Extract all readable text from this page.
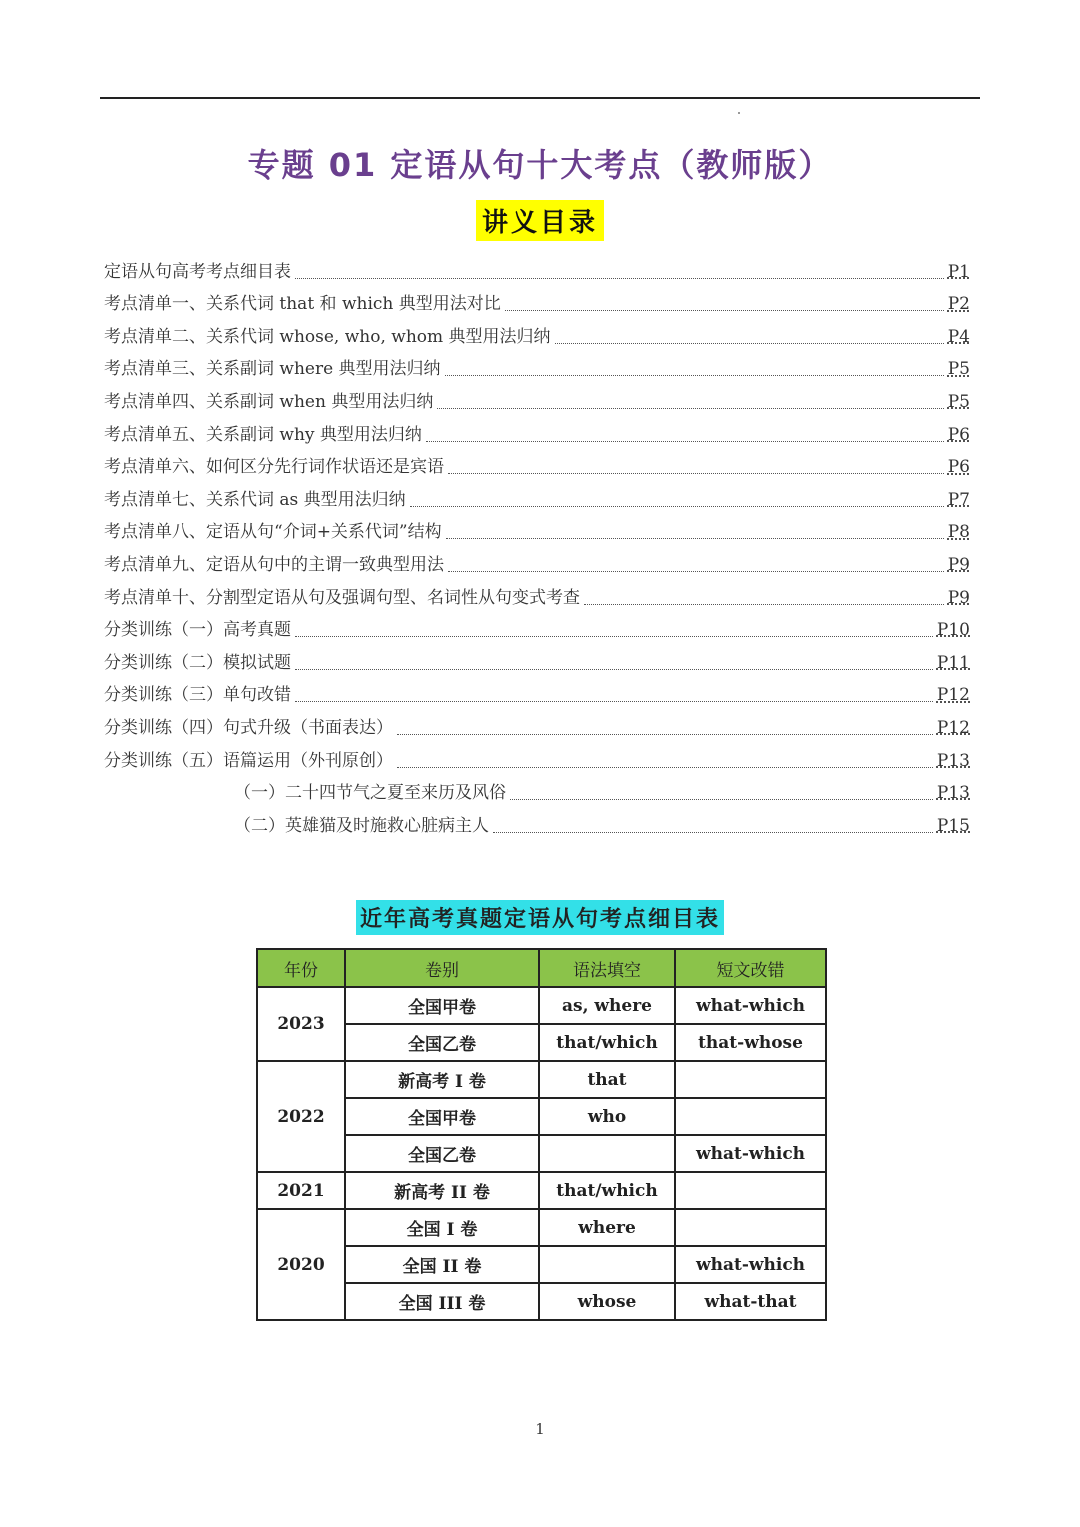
专题 01 定语从句十大考点（教师版）
讲义目录
定语从句高考考点细目表	P1
考点清单一、关系代词 that 和 which 典型用法对比	P2
考点清单二、关系代词 whose, who, whom 典型用法归纳	P4
考点清单三、关系副词 where 典型用法归纳	P5
考点清单四、关系副词 when 典型用法归纳	P5
考点清单五、关系副词 why 典型用法归纳	P6
考点清单六、如何区分先行词作状语还是宾语	P6
考点清单七、关系代词 as 典型用法归纳	P7
考点清单八、定语从句“介词+关系代词”结构	P8
考点清单九、定语从句中的主谓一致典型用法	P9
考点清单十、分割型定语从句及强调句型、名词性从句变式考查	P9
分类训练（一）高考真题	P10
分类训练（二）模拟试题	P11
分类训练（三）单句改错	P12
分类训练（四）句式升级（书面表达）	P12
分类训练（五）语篇运用（外刊原创）	P13
（一）二十四节气之夏至来历及风俗	P13
（二）英雄猫及时施救心脏病主人	P15
近年高考真题定语从句考点细目表
年份	卷别	语法填空	短文改错
2023	全国甲卷	as, where	what-which
	全国乙卷	that/which	that-whose
2022	新高考 I 卷	that	
	全国甲卷	who	
	全国乙卷		what-which
2021	新高考 II 卷	that/which	
2020	全国 I 卷	where	
	全国 II 卷		what-which
	全国 III 卷	whose	what-that
1
